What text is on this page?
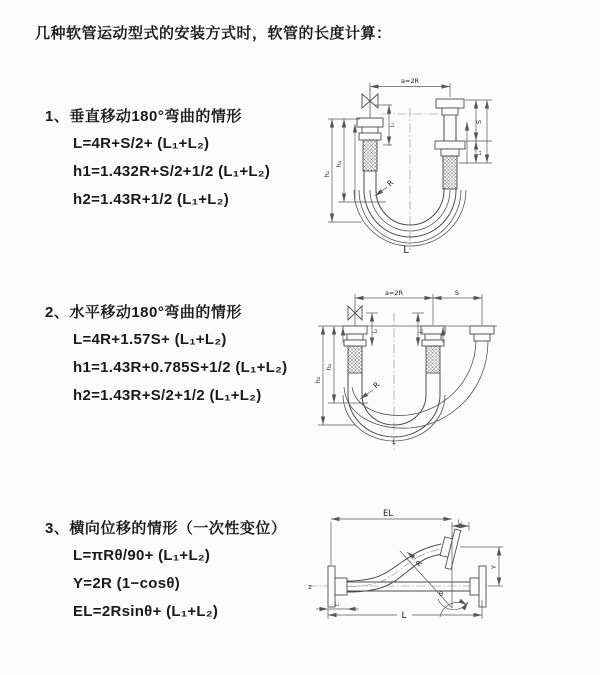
几种软管运动型式的安装方式时，软管的长度计算：
1、垂直移动180°弯曲的情形
L=4R+S/2+ (L₁+L₂)
h1=1.432R+S/2+1/2 (L₁+L₂)
h2=1.43R+1/2 (L₁+L₂)
a=2R
h₁
h₂
L₁
S
L₁
R
L
2、水平移动180°弯曲的情形
L=4R+1.57S+ (L₁+L₂)
h1=1.43R+0.785S+1/2 (L₁+L₂)
h2=1.43R+S/2+1/2 (L₁+L₂)
a=2R	S
h₁
h₂
L₁	L₁
R
L
3、横向位移的情形（一次性变位）
L=πRθ/90+ (L₁+L₂)
Y=2R (1−cosθ)
EL=2Rsinθ+ (L₁+L₂)
EL
L₁
Y
L
L₁
Z
R
θ
